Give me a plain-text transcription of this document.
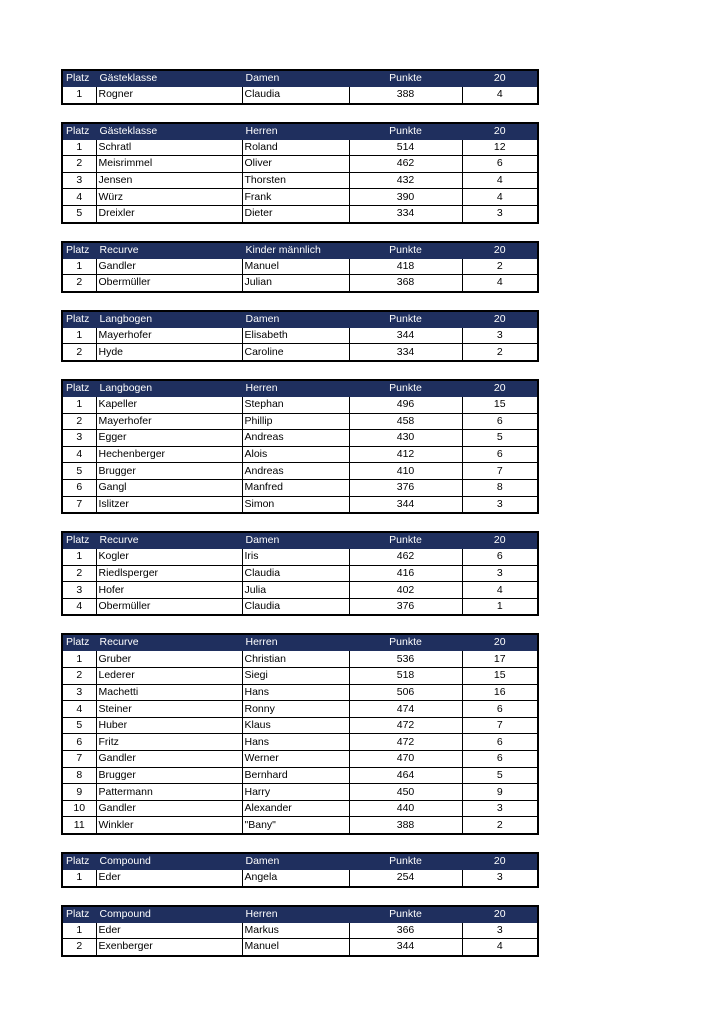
Platz	Gästeklasse	Damen	Punkte	20
1	Rogner	Claudia	388	4
Platz	Gästeklasse	Herren	Punkte	20
1	Schratl	Roland	514	12
2	Meisrimmel	Oliver	462	6
3	Jensen	Thorsten	432	4
4	Würz	Frank	390	4
5	Dreixler	Dieter	334	3
Platz	Recurve	Kinder männlich	Punkte	20
1	Gandler	Manuel	418	2
2	Obermüller	Julian	368	4
Platz	Langbogen	Damen	Punkte	20
1	Mayerhofer	Elisabeth	344	3
2	Hyde	Caroline	334	2
Platz	Langbogen	Herren	Punkte	20
1	Kapeller	Stephan	496	15
2	Mayerhofer	Phillip	458	6
3	Egger	Andreas	430	5
4	Hechenberger	Alois	412	6
5	Brugger	Andreas	410	7
6	Gangl	Manfred	376	8
7	Islitzer	Simon	344	3
Platz	Recurve	Damen	Punkte	20
1	Kogler	Iris	462	6
2	Riedlsperger	Claudia	416	3
3	Hofer	Julia	402	4
4	Obermüller	Claudia	376	1
Platz	Recurve	Herren	Punkte	20
1	Gruber	Christian	536	17
2	Lederer	Siegi	518	15
3	Machetti	Hans	506	16
4	Steiner	Ronny	474	6
5	Huber	Klaus	472	7
6	Fritz	Hans	472	6
7	Gandler	Werner	470	6
8	Brugger	Bernhard	464	5
9	Pattermann	Harry	450	9
10	Gandler	Alexander	440	3
11	Winkler	"Bany"	388	2
Platz	Compound	Damen	Punkte	20
1	Eder	Angela	254	3
Platz	Compound	Herren	Punkte	20
1	Eder	Markus	366	3
2	Exenberger	Manuel	344	4
